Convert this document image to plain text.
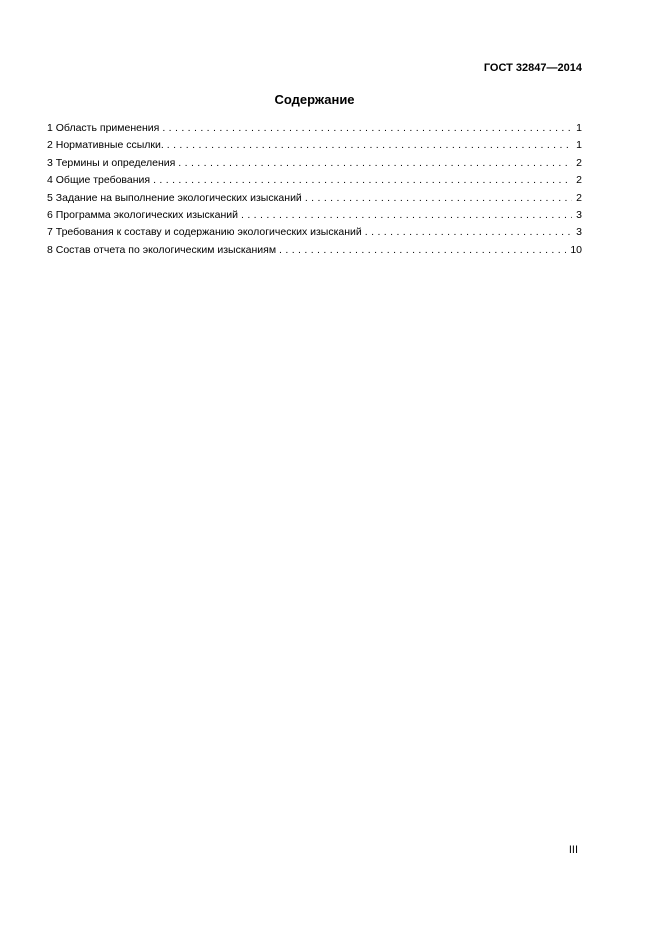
ГОСТ 32847—2014
Содержание
1 Область применения . . .	1
2 Нормативные ссылки. . . .	1
3 Термины и определения . . .	2
4 Общие требования . . .	2
5 Задание на выполнение экологических изысканий . . .	2
6 Программа экологических изысканий . . .	3
7 Требования к составу и содержанию экологических изысканий . . .	3
8 Состав отчета по экологическим изысканиям . . .	10
III
